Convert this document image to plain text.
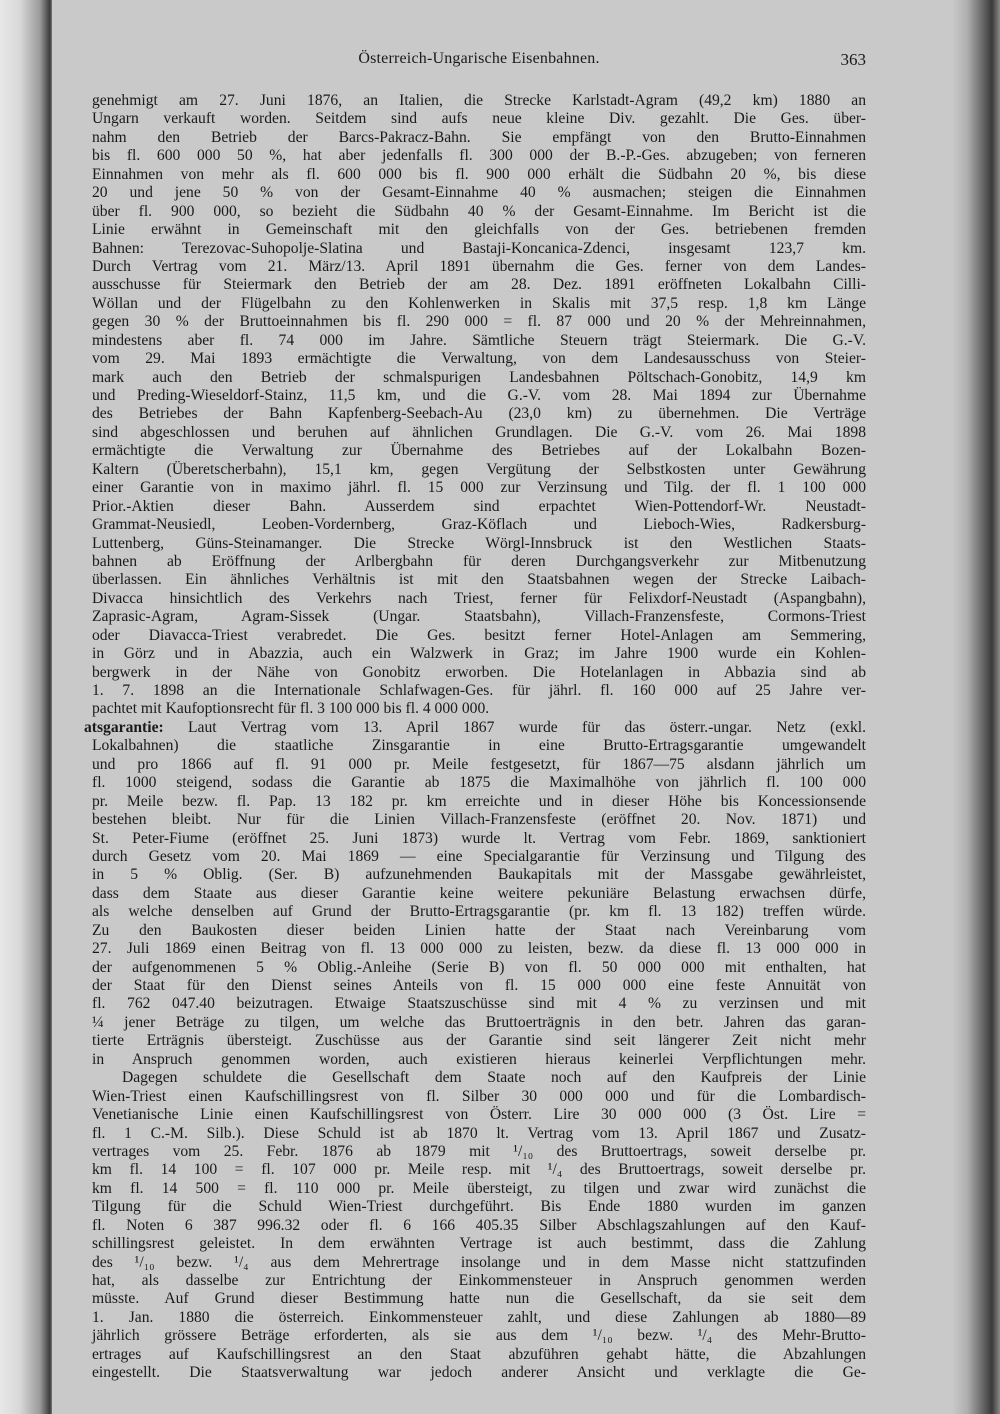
Österreich-Ungarische Eisenbahnen.	363
genehmigt am 27. Juni 1876, an Italien, die Strecke Karlstadt-Agram (49,2 km) 1880 an
Ungarn verkauft worden. Seitdem sind aufs neue kleine Div. gezahlt. Die Ges. über-
nahm den Betrieb der Barcs-Pakracz-Bahn. Sie empfängt von den Brutto-Einnahmen
bis fl. 600 000 50 %, hat aber jedenfalls fl. 300 000 der B.-P.-Ges. abzugeben; von ferneren
Einnahmen von mehr als fl. 600 000 bis fl. 900 000 erhält die Südbahn 20 %, bis diese
20 und jene 50 % von der Gesamt-Einnahme 40 % ausmachen; steigen die Einnahmen
über fl. 900 000, so bezieht die Südbahn 40 % der Gesamt-Einnahme. Im Bericht ist die
Linie erwähnt in Gemeinschaft mit den gleichfalls von der Ges. betriebenen fremden
Bahnen: Terezovac-Suhopolje-Slatina und Bastaji-Koncanica-Zdenci, insgesamt 123,7 km.
Durch Vertrag vom 21. März/13. April 1891 übernahm die Ges. ferner von dem Landes-
ausschusse für Steiermark den Betrieb der am 28. Dez. 1891 eröffneten Lokalbahn Cilli-
Wöllan und der Flügelbahn zu den Kohlenwerken in Skalis mit 37,5 resp. 1,8 km Länge
gegen 30 % der Bruttoeinnahmen bis fl. 290 000 = fl. 87 000 und 20 % der Mehreinnahmen,
mindestens aber fl. 74 000 im Jahre. Sämtliche Steuern trägt Steiermark. Die G.-V.
vom 29. Mai 1893 ermächtigte die Verwaltung, von dem Landesausschuss von Steier-
mark auch den Betrieb der schmalspurigen Landesbahnen Pöltschach-Gonobitz, 14,9 km
und Preding-Wieseldorf-Stainz, 11,5 km, und die G.-V. vom 28. Mai 1894 zur Übernahme
des Betriebes der Bahn Kapfenberg-Seebach-Au (23,0 km) zu übernehmen. Die Verträge
sind abgeschlossen und beruhen auf ähnlichen Grundlagen. Die G.-V. vom 26. Mai 1898
ermächtigte die Verwaltung zur Übernahme des Betriebes auf der Lokalbahn Bozen-
Kaltern (Überetscherbahn), 15,1 km, gegen Vergütung der Selbstkosten unter Gewährung
einer Garantie von in maximo jährl. fl. 15 000 zur Verzinsung und Tilg. der fl. 1 100 000
Prior.-Aktien dieser Bahn. Ausserdem sind erpachtet Wien-Pottendorf-Wr. Neustadt-
Grammat-Neusiedl, Leoben-Vordernberg, Graz-Köflach und Lieboch-Wies, Radkersburg-
Luttenberg, Güns-Steinamanger. Die Strecke Wörgl-Innsbruck ist den Westlichen Staats-
bahnen ab Eröffnung der Arlbergbahn für deren Durchgangsverkehr zur Mitbenutzung
überlassen. Ein ähnliches Verhältnis ist mit den Staatsbahnen wegen der Strecke Laibach-
Divacca hinsichtlich des Verkehrs nach Triest, ferner für Felixdorf-Neustadt (Aspangbahn),
Zaprasic-Agram, Agram-Sissek (Ungar. Staatsbahn), Villach-Franzensfeste, Cormons-Triest
oder Diavacca-Triest verabredet. Die Ges. besitzt ferner Hotel-Anlagen am Semmering,
in Görz und in Abazzia, auch ein Walzwerk in Graz; im Jahre 1900 wurde ein Kohlen-
bergwerk in der Nähe von Gonobitz erworben. Die Hotelanlagen in Abbazia sind ab
1. 7. 1898 an die Internationale Schlafwagen-Ges. für jährl. fl. 160 000 auf 25 Jahre ver-
pachtet mit Kaufoptionsrecht für fl. 3 100 000 bis fl. 4 000 000.
atsgarantie: Laut Vertrag vom 13. April 1867 wurde für das österr.-ungar. Netz (exkl.
Lokalbahnen) die staatliche Zinsgarantie in eine Brutto-Ertragsgarantie umgewandelt
und pro 1866 auf fl. 91 000 pr. Meile festgesetzt, für 1867—75 alsdann jährlich um
fl. 1000 steigend, sodass die Garantie ab 1875 die Maximalhöhe von jährlich fl. 100 000
pr. Meile bezw. fl. Pap. 13 182 pr. km erreichte und in dieser Höhe bis Koncessionsende
bestehen bleibt. Nur für die Linien Villach-Franzensfeste (eröffnet 20. Nov. 1871) und
St. Peter-Fiume (eröffnet 25. Juni 1873) wurde lt. Vertrag vom Febr. 1869, sanktioniert
durch Gesetz vom 20. Mai 1869 — eine Specialgarantie für Verzinsung und Tilgung des
in 5 % Oblig. (Ser. B) aufzunehmenden Baukapitals mit der Massgabe gewährleistet,
dass dem Staate aus dieser Garantie keine weitere pekuniäre Belastung erwachsen dürfe,
als welche denselben auf Grund der Brutto-Ertragsgarantie (pr. km fl. 13 182) treffen würde.
Zu den Baukosten dieser beiden Linien hatte der Staat nach Vereinbarung vom
27. Juli 1869 einen Beitrag von fl. 13 000 000 zu leisten, bezw. da diese fl. 13 000 000 in
der aufgenommenen 5 % Oblig.-Anleihe (Serie B) von fl. 50 000 000 mit enthalten, hat
der Staat für den Dienst seines Anteils von fl. 15 000 000 eine feste Annuität von
fl. 762 047.40 beizutragen. Etwaige Staatszuschüsse sind mit 4 % zu verzinsen und mit
¼ jener Beträge zu tilgen, um welche das Bruttoerträgnis in den betr. Jahren das garan-
tierte Erträgnis übersteigt. Zuschüsse aus der Garantie sind seit längerer Zeit nicht mehr
in Anspruch genommen worden, auch existieren hieraus keinerlei Verpflichtungen mehr.
Dagegen schuldete die Gesellschaft dem Staate noch auf den Kaufpreis der Linie
Wien-Triest einen Kaufschillingsrest von fl. Silber 30 000 000 und für die Lombardisch-
Venetianische Linie einen Kaufschillingsrest von Österr. Lire 30 000 000 (3 Öst. Lire =
fl. 1 C.-M. Silb.). Diese Schuld ist ab 1870 lt. Vertrag vom 13. April 1867 und Zusatz-
vertrages vom 25. Febr. 1876 ab 1879 mit ¹/₁₀ des Bruttoertrags, soweit derselbe pr.
km fl. 14 100 = fl. 107 000 pr. Meile resp. mit ¹/₄ des Bruttoertrags, soweit derselbe pr.
km fl. 14 500 = fl. 110 000 pr. Meile übersteigt, zu tilgen und zwar wird zunächst die
Tilgung für die Schuld Wien-Triest durchgeführt. Bis Ende 1880 wurden im ganzen
fl. Noten 6 387 996.32 oder fl. 6 166 405.35 Silber Abschlagszahlungen auf den Kauf-
schillingsrest geleistet. In dem erwähnten Vertrage ist auch bestimmt, dass die Zahlung
des ¹/₁₀ bezw. ¹/₄ aus dem Mehrertrage insolange und in dem Masse nicht stattzufinden
hat, als dasselbe zur Entrichtung der Einkommensteuer in Anspruch genommen werden
müsste. Auf Grund dieser Bestimmung hatte nun die Gesellschaft, da sie seit dem
1. Jan. 1880 die österreich. Einkommensteuer zahlt, und diese Zahlungen ab 1880—89
jährlich grössere Beträge erforderten, als sie aus dem ¹/₁₀ bezw. ¹/₄ des Mehr-Brutto-
ertrages auf Kaufschillingsrest an den Staat abzuführen gehabt hätte, die Abzahlungen
eingestellt. Die Staatsverwaltung war jedoch anderer Ansicht und verklagte die Ge-
